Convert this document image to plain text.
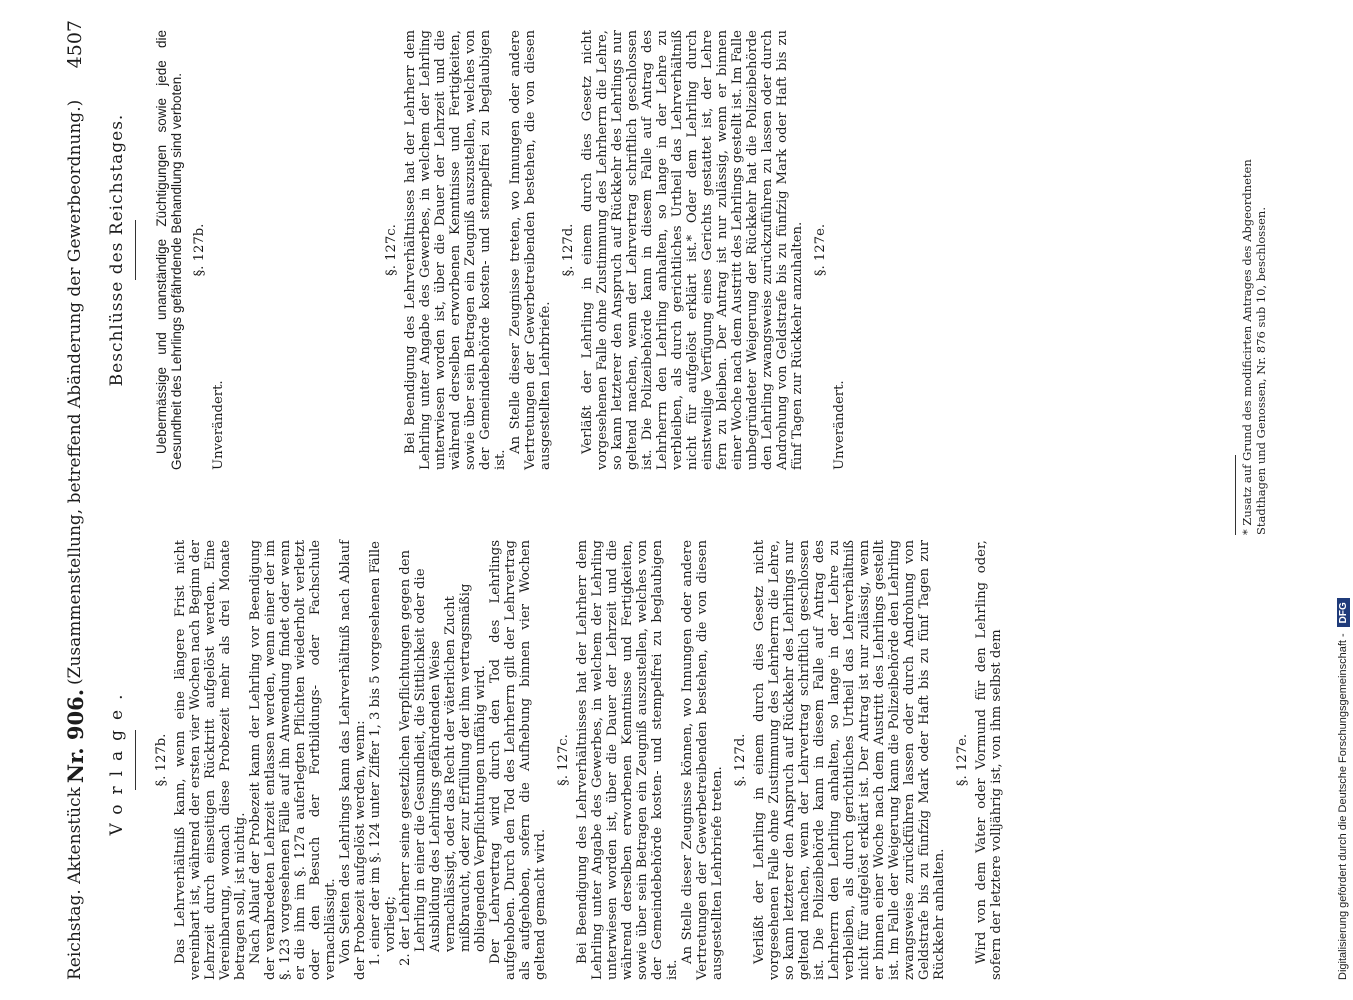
Reichstag. Aktenstück
Nr. 906.
(Zusammenstellung, betreffend Abänderung der Gewerbeordnung.)
4507
Vorlage. §. 127b. Das Lehrverhältniß kann, wenn eine längere Frist nicht vereinbart ist, während der ersten vier Wochen nach Beginn der Lehrzeit durch einseitigen Rücktritt aufgelöst werden. Eine Vereinbarung, wonach diese Probezeit mehr als drei Monate betragen soll, ist nichtig. Nach Ablauf der Probezeit kann der Lehrling vor Beendigung der verabredeten Lehrzeit entlassen werden, wenn einer der im §. 123 vorgesehenen Fälle auf ihn Anwendung findet oder wenn er die ihm im §. 127a auferlegten Pflichten wiederholt verletzt oder den Besuch der Fortbildungs- oder Fachschule vernachlässigt. Von Seiten des Lehrlings kann das Lehrverhältniß nach Ablauf der Probezeit aufgelöst werden, wenn: 1. einer der im §. 124 unter Ziffer 1, 3 bis 5 vorgesehenen Fälle vorliegt; 2. der Lehrherr seine gesetzlichen Verpflichtungen gegen den Lehrling in einer die Gesundheit, die Sittlichkeit oder die Ausbildung des Lehrlings gefährdenden Weise vernachlässigt, oder das Recht der väterlichen Zucht mißbraucht, oder zur Erfüllung der ihm vertragsmäßig obliegenden Verpflichtungen unfähig wird. Der Lehrvertrag wird durch den Tod des Lehrlings aufgehoben. Durch den Tod des Lehrherrn gilt der Lehrvertrag als aufgehoben, sofern die Aufhebung binnen vier Wochen geltend gemacht wird.

§. 127c. Bei Beendigung des Lehrverhältnisses hat der Lehrherr dem Lehrling unter Angabe des Gewerbes, in welchem der Lehrling unterwiesen worden ist, über die Dauer der Lehrzeit und die während derselben erworbenen Kenntnisse und Fertigkeiten, sowie über sein Betragen ein Zeugniß auszustellen, welches von der Gemeindebehörde kosten- und stempelfrei zu beglaubigen ist.

An Stelle dieser Zeugnisse können, wo Innungen oder andere Vertretungen der Gewerbetreibenden bestehen, die von diesen ausgestellten Lehrbriefe treten.

§. 127d. Verläßt der Lehrling in einem durch dies Gesetz nicht vorgesehenen Falle ohne Zustimmung des Lehrherrn die Lehre, so kann letzterer den Anspruch auf Rückkehr des Lehrlings nur geltend machen, wenn der Lehrvertrag schriftlich geschlossen ist. Die Polizeibehörde kann in diesem Falle auf Antrag des Lehrherrn den Lehrling anhalten, so lange in der Lehre zu verbleiben, als durch gerichtliches Urtheil das Lehrverhältniß nicht für aufgelöst erklärt ist. Der Antrag ist nur zulässig, wenn er binnen einer Woche nach dem Austritt des Lehrlings gestellt ist. Im Falle der Weigerung kann die Polizeibehörde den Lehrling zwangsweise zurückführen lassen oder durch Androhung von Geldstrafe bis zu fünfzig Mark oder Haft bis zu fünf Tagen zur Rückkehr anhalten.

§. 127e. Wird von dem Vater oder Vormund für den Lehrling oder, sofern der letztere volljährig ist, von ihm selbst dem

Beschlüsse des Reichstages. Uebermässige und unanständige Züchtigungen sowie jede die Gesundheit des Lehrlings gefährdende Behandlung sind verboten. §. 127b.

Unverändert.

§. 127c. Bei Beendigung des Lehrverhältnisses hat der Lehrherr dem Lehrling unter Angabe des Gewerbes, in welchem der Lehrling unterwiesen worden ist, über die Dauer der Lehrzeit und die während derselben erworbenen Kenntnisse und Fertigkeiten, sowie über sein Betragen ein Zeugniß auszustellen, welches von der Gemeindebehörde kosten- und stempelfrei zu beglaubigen ist.

An Stelle dieser Zeugnisse treten, wo Innungen oder andere Vertretungen der Gewerbetreibenden bestehen, die von diesen ausgestellten Lehrbriefe.

§. 127d. Verläßt der Lehrling in einem durch dies Gesetz nicht vorgesehenen Falle ohne Zustimmung des Lehrherrn die Lehre, so kann letzterer den Anspruch auf Rückkehr des Lehrlings nur geltend machen, wenn der Lehrvertrag schriftlich geschlossen ist. Die Polizeibehörde kann in diesem Falle auf Antrag des Lehrherrn den Lehrling anhalten, so lange in der Lehre zu verbleiben, als durch gerichtliches Urtheil das Lehrverhältniß nicht für aufgelöst erklärt ist.* Oder dem Lehrling durch einstweilige Verfügung eines Gerichts gestattet ist, der Lehre fern zu bleiben. Der Antrag ist nur zulässig, wenn er binnen einer Woche nach dem Austritt des Lehrlings gestellt ist. Im Falle unbegründeter Weigerung der Rückkehr hat die Polizeibehörde den Lehrling zwangsweise zurückzuführen zu lassen oder durch Androhung von Geldstrafe bis zu fünfzig Mark oder Haft bis zu fünf Tagen zur Rückkehr anzuhalten. §. 127e.

Unverändert.	* Zusatz auf Grund des modificirten Antrages des Abgeordneten Stadthagen und Genossen, Nr. 876 sub 10, beschlossen.
Digitalisierung gefördert durch die Deutsche Forschungsgemeinschaft -
DFG
